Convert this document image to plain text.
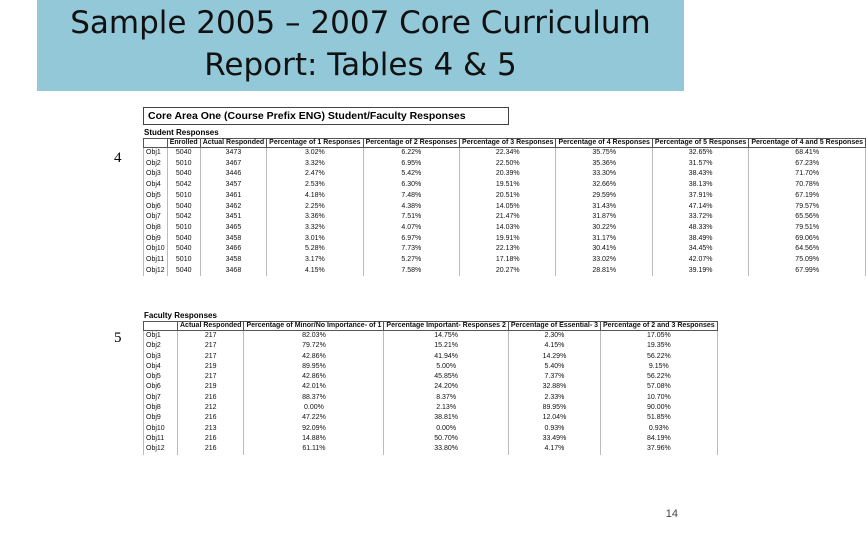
Sample 2005 – 2007 Core Curriculum
Report: Tables 4 & 5
4
5
Core Area One (Course Prefix ENG) Student/Faculty Responses
Student Responses
	Enrolled	Actual Responded	Percentage of 1 Responses	Percentage of 2 Responses	Percentage of 3 Responses	Percentage of 4 Responses	Percentage of 5 Responses	Percentage of 4 and 5 Responses
Obj1	5040	3473	3.02%	6.22%	22.34%	35.75%	32.65%	68.41%
Obj2	5010	3467	3.32%	6.95%	22.50%	35.36%	31.57%	67.23%
Obj3	5040	3446	2.47%	5.42%	20.39%	33.30%	38.43%	71.70%
Obj4	5042	3457	2.53%	6.30%	19.51%	32.66%	38.13%	70.78%
Obj5	5010	3461	4.18%	7.48%	20.51%	29.59%	37.91%	67.19%
Obj6	5040	3462	2.25%	4.38%	14.05%	31.43%	47.14%	79.57%
Obj7	5042	3451	3.36%	7.51%	21.47%	31.87%	33.72%	65.56%
Obj8	5010	3465	3.32%	4.07%	14.03%	30.22%	48.33%	79.51%
Obj9	5040	3458	3.01%	6.97%	19.91%	31.17%	38.49%	69.06%
Obj10	5040	3466	5.28%	7.73%	22.13%	30.41%	34.45%	64.56%
Obj11	5010	3458	3.17%	5.27%	17.18%	33.02%	42.07%	75.09%
Obj12	5040	3468	4.15%	7.58%	20.27%	28.81%	39.19%	67.99%
Faculty Responses
	Actual Responded	Percentage of Minor/No Importance- of 1	Percentage Important- Responses 2	Percentage of Essential- 3	Percentage of 2 and 3 Responses
Obj1	217	82.03%	14.75%	2.30%	17.05%
Obj2	217	79.72%	15.21%	4.15%	19.35%
Obj3	217	42.86%	41.94%	14.29%	56.22%
Obj4	219	89.95%	5.00%	5.40%	9.15%
Obj5	217	42.86%	45.85%	7.37%	56.22%
Obj6	219	42.01%	24.20%	32.88%	57.08%
Obj7	216	88.37%	8.37%	2.33%	10.70%
Obj8	212	0.00%	2.13%	89.95%	90.00%
Obj9	216	47.22%	38.81%	12.04%	51.85%
Obj10	213	92.09%	0.00%	0.93%	0.93%
Obj11	216	14.88%	50.70%	33.49%	84.19%
Obj12	216	61.11%	33.80%	4.17%	37.96%
14
